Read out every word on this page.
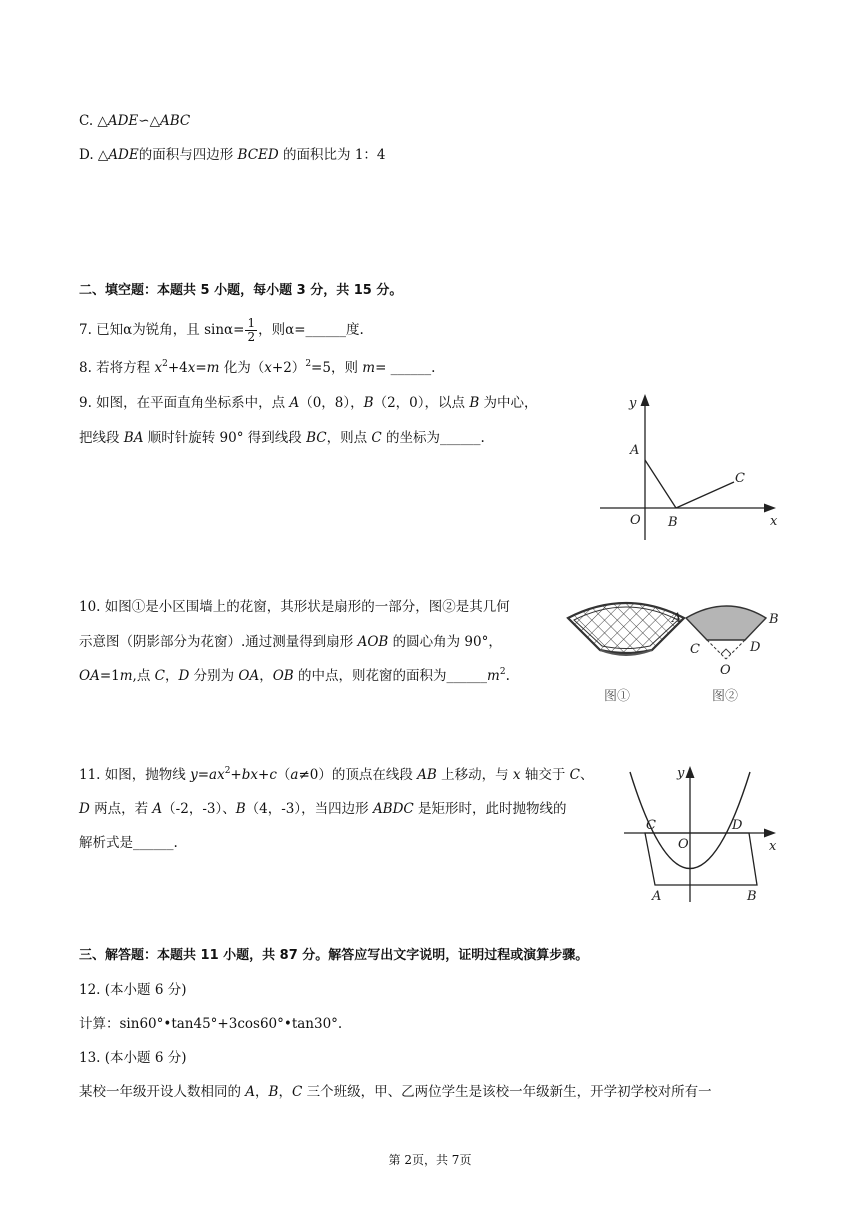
C. △ADE∽△ABC
D. △ADE的面积与四边形 BCED 的面积比为 1：4
二、填空题：本题共 5 小题，每小题 3 分，共 15 分。
7. 已知α为锐角，且 $\sin\alpha= \frac{1}{2}$ ，则α=______度.
8. 若将方程 $x^2+4x=m$ 化为$(x+2)^2=5$，则 m= ______.
9. 如图，在平面直角坐标系中，点 A（0，8），B（2，0），以点 B 为中心，
把线段 BA 顺时针旋转 90° 得到线段 BC，则点 C 的坐标为______.
y
x
A
O B
C
10. 如图①是小区围墙上的花窗，其形状是扇形的一部分，图②是其几何
示意图（阴影部分为花窗）.通过测量得到扇形 AOB 的圆心角为 90°，
OA=1m,点 C，D 分别为 OA，OB 的中点，则花窗的面积为$\_\_\_\_\_\_m^2$.
A	B
C	D
O
图①	图②
11. 如图，抛物线 $y=ax^2+bx+c(a\ne 0)$的顶点在线段 AB 上移动，与 x 轴交于 C、
D 两点，若 A（-2，-3）、B（4，-3），当四边形 ABDC 是矩形时，此时抛物线的
解析式是______.
y
x
C
O
D
A	B
三、解答题：本题共 11 小题，共 87 分。解答应写出文字说明，证明过程或演算步骤。
12. (本小题 6 分)
计算：sin60°•tan45°+3cos60°•tan30°.
13. (本小题 6 分)
某校一年级开设人数相同的 A，B，C 三个班级，甲、乙两位学生是该校一年级新生，开学初学校对所有一
第 2页，共 7页
